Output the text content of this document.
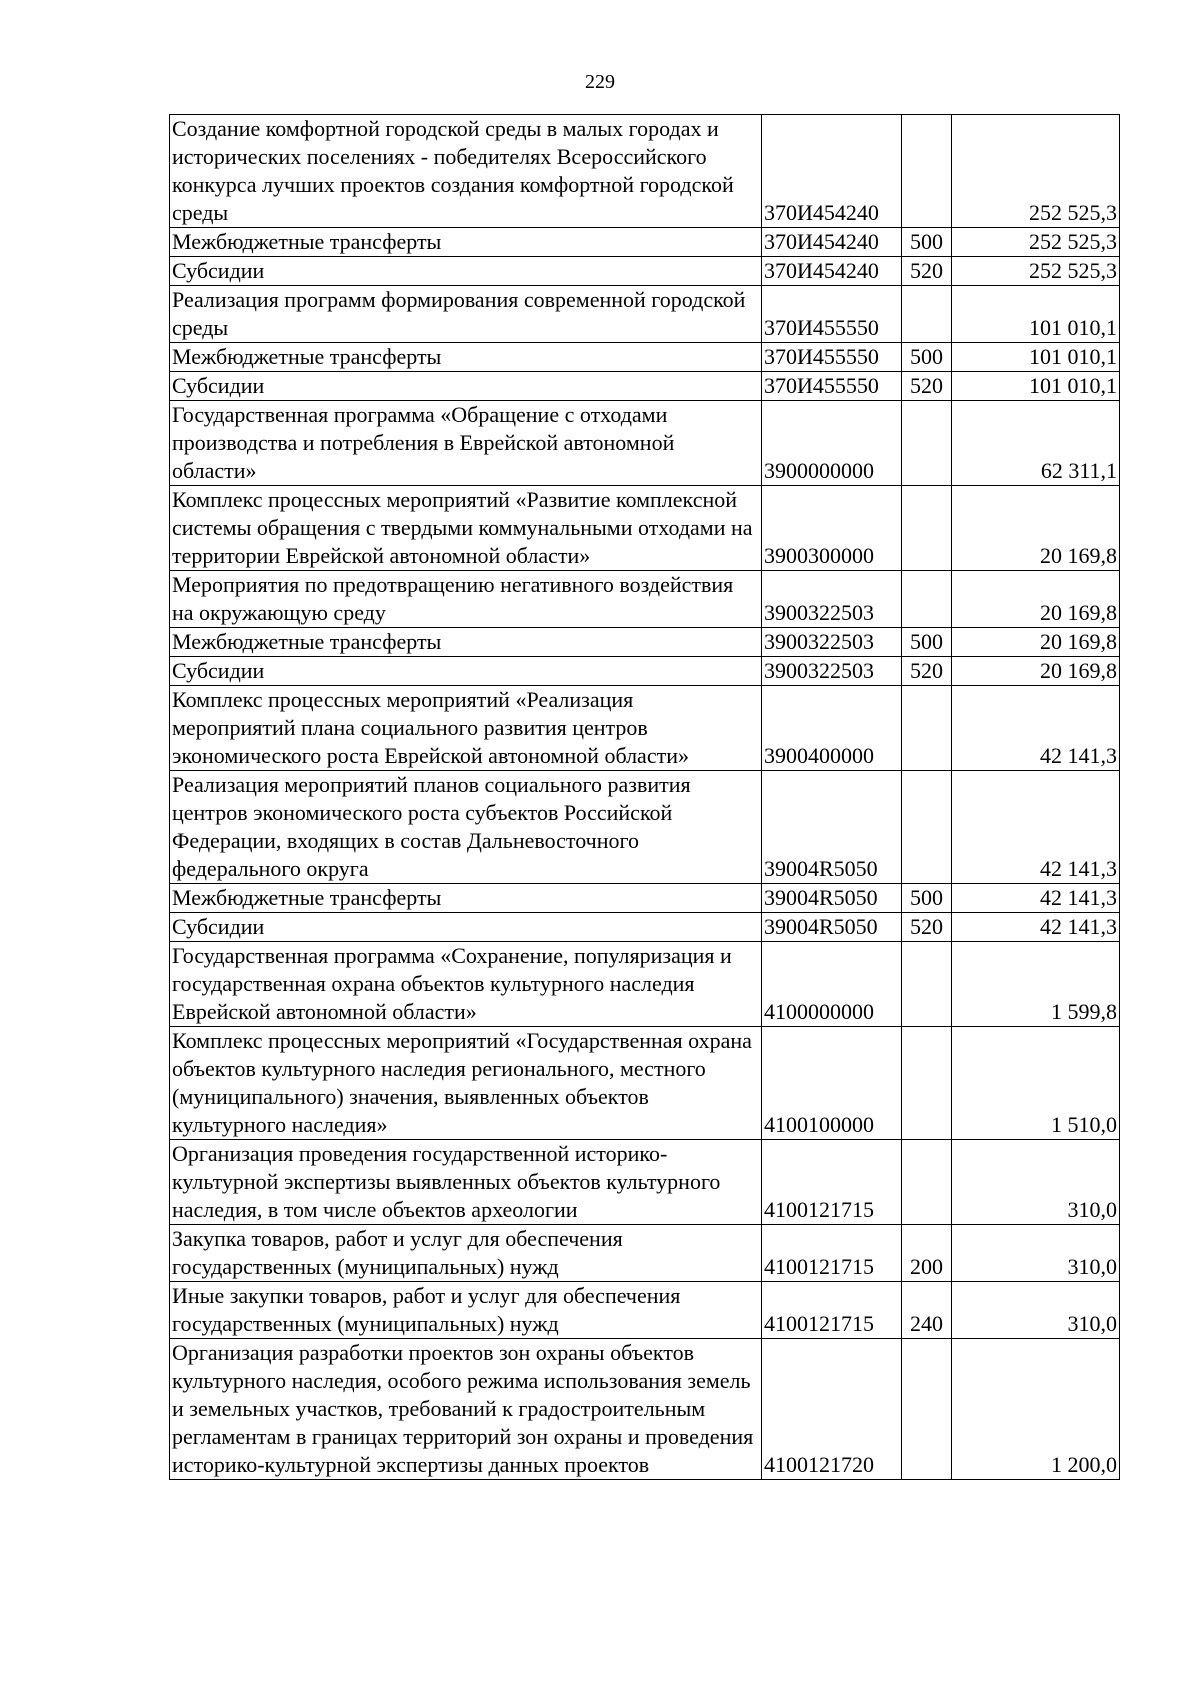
229
Создание комфортной городской среды в малых городах и исторических поселениях - победителях Всероссийского конкурса лучших проектов создания комфортной городской среды	370И454240		252 525,3
Межбюджетные трансферты	370И454240	500	252 525,3
Субсидии	370И454240	520	252 525,3
Реализация программ формирования современной городской среды	370И455550		101 010,1
Межбюджетные трансферты	370И455550	500	101 010,1
Субсидии	370И455550	520	101 010,1
Государственная программа «Обращение с отходами производства и потребления в Еврейской автономной области»	3900000000		62 311,1
Комплекс процессных мероприятий «Развитие комплексной системы обращения с твердыми коммунальными отходами на территории Еврейской автономной области»	3900300000		20 169,8
Мероприятия по предотвращению негативного воздействия на окружающую среду	3900322503		20 169,8
Межбюджетные трансферты	3900322503	500	20 169,8
Субсидии	3900322503	520	20 169,8
Комплекс процессных мероприятий «Реализация мероприятий плана социального развития центров экономического роста Еврейской автономной области»	3900400000		42 141,3
Реализация мероприятий планов социального развития центров экономического роста субъектов Российской Федерации, входящих в состав Дальневосточного федерального округа	39004R5050		42 141,3
Межбюджетные трансферты	39004R5050	500	42 141,3
Субсидии	39004R5050	520	42 141,3
Государственная программа «Сохранение, популяризация и государственная охрана объектов культурного наследия Еврейской автономной области»	4100000000		1 599,8
Комплекс процессных мероприятий «Государственная охрана объектов культурного наследия регионального, местного (муниципального) значения, выявленных объектов культурного наследия»	4100100000		1 510,0
Организация проведения государственной историко-культурной экспертизы выявленных объектов культурного наследия, в том числе объектов археологии	4100121715		310,0
Закупка товаров, работ и услуг для обеспечения государственных (муниципальных) нужд	4100121715	200	310,0
Иные закупки товаров, работ и услуг для обеспечения государственных (муниципальных) нужд	4100121715	240	310,0
Организация разработки проектов зон охраны объектов культурного наследия, особого режима использования земель и земельных участков, требований к градостроительным регламентам в границах территорий зон охраны и проведения историко-культурной экспертизы данных проектов	4100121720		1 200,0
